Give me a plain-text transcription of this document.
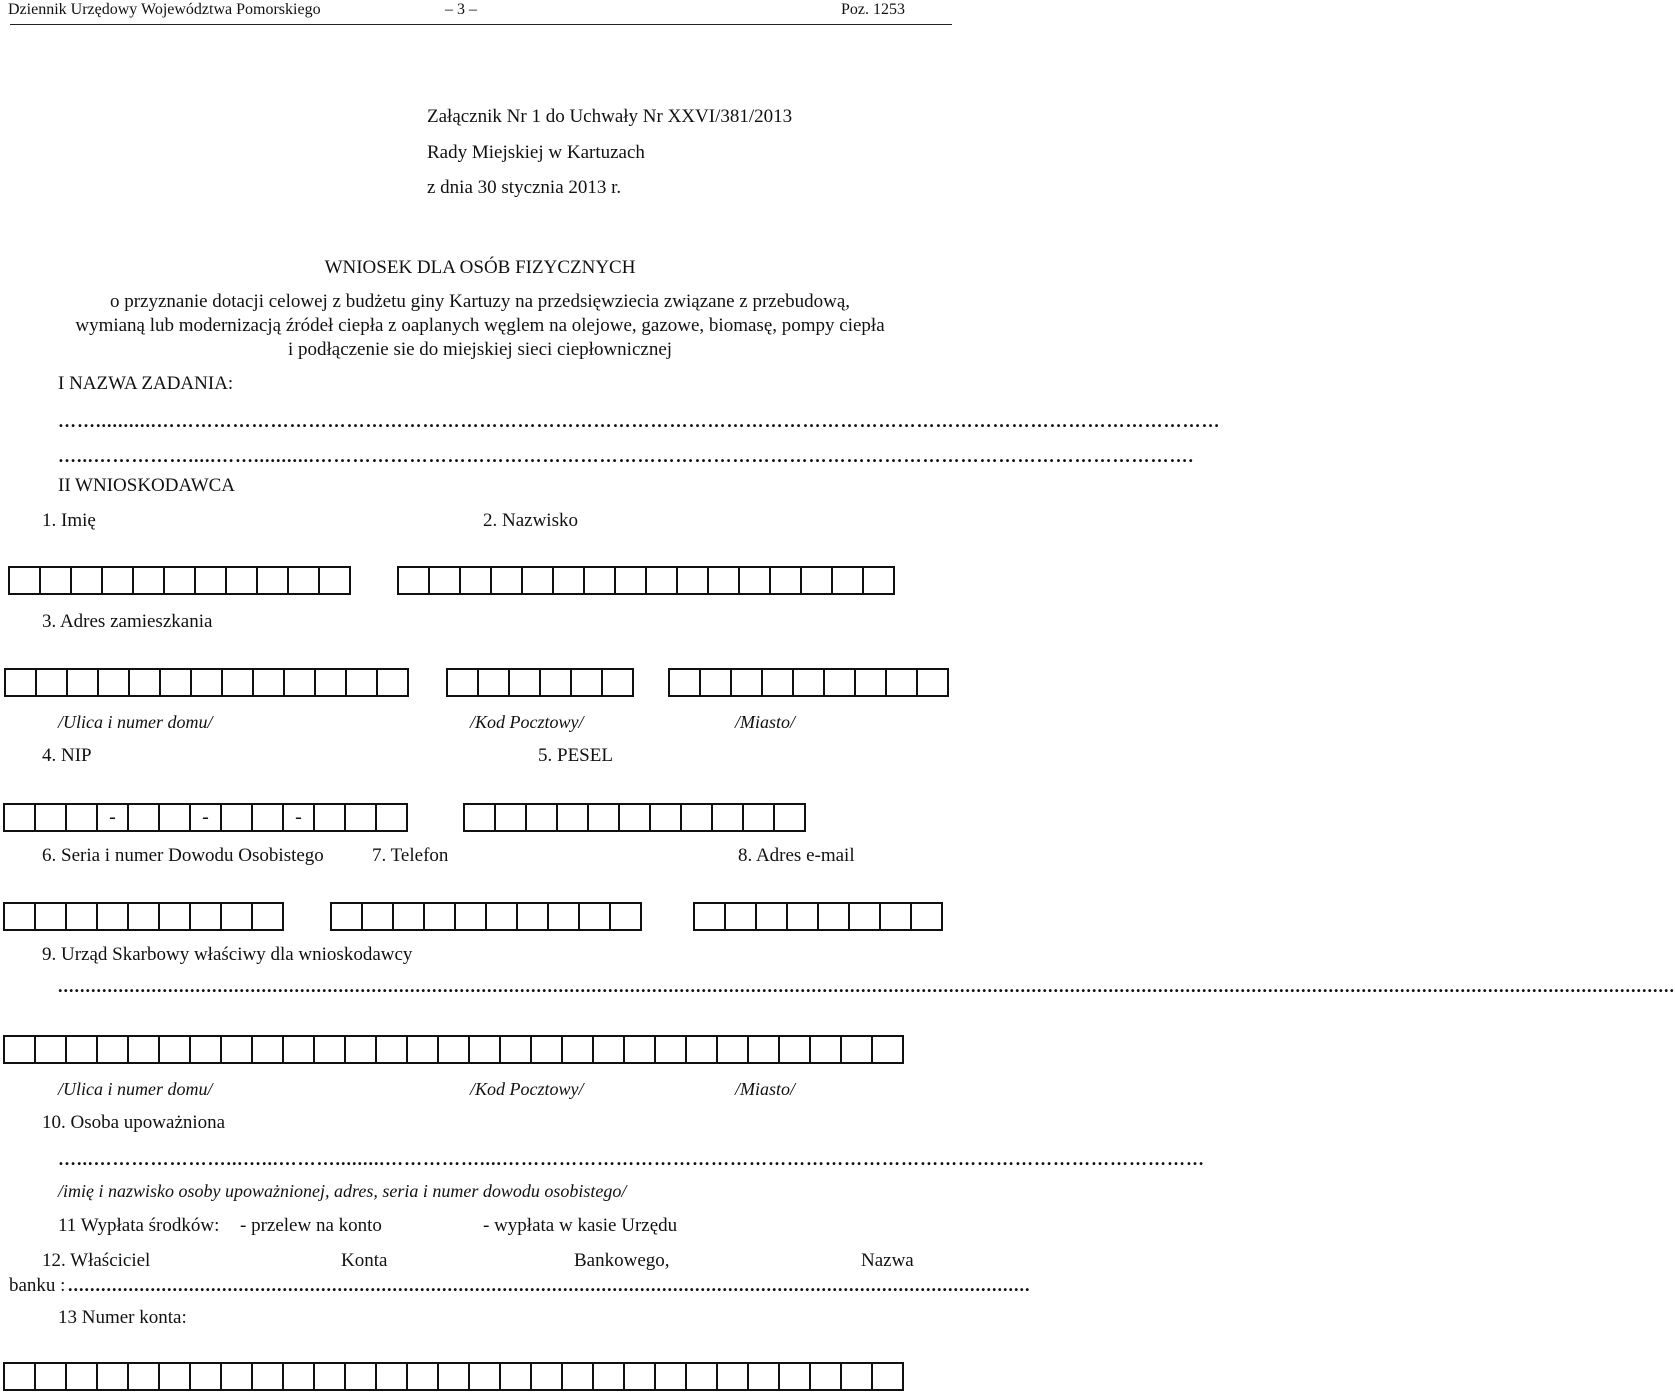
Dziennik Urzędowy Województwa Pomorskiego	– 3 –	Poz. 1253
Załącznik Nr 1 do Uchwały Nr XXVI/381/2013
Rady Miejskiej w Kartuzach
z dnia 30 stycznia 2013 r.
WNIOSEK DLA OSÓB FIZYCZNYCH
o przyznanie dotacji celowej z budżetu giny Kartuzy na przedsięwziecia związane z przebudową,
wymianą lub modernizacją źródeł ciepła z oaplanych węglem na olejowe, gazowe, biomasę, pompy ciepła
i podłączenie sie do miejskiej sieci ciepłownicznej
I NAZWA ZADANIA:
……...........……………………………………………………………………………………………………………………………………………………
…...…………….....……...........………………………………………………………………………………………………………………………….
II WNIOSKODAWCA
1. Imię	2. Nazwisko
3. Adres zamieszkania
/Ulica i numer domu/	/Kod Pocztowy/	/Miasto/
4. NIP	5. PESEL
-	-	-
6. Seria i numer Dowodu Osobistego	7. Telefon	8. Adres e-mail
9. Urząd Skarbowy właściwy dla wnioskodawcy
......................................................................................................................................................................................................................................................................................................
/Ulica i numer domu/	/Kod Pocztowy/	/Miasto/
10. Osoba upoważniona
…...…………………...…...……….........……………....…………………………………………………………………………………………………
/imię i nazwisko osoby upoważnionej, adres, seria i numer dowodu osobistego/
11 Wypłata środków: - przelew na konto	- wypłata w kasie Urzędu
12. Właściciel	Konta	Bankowego,	Nazwa
banku : ...............................................................................................................................................................................
13 Numer konta:
